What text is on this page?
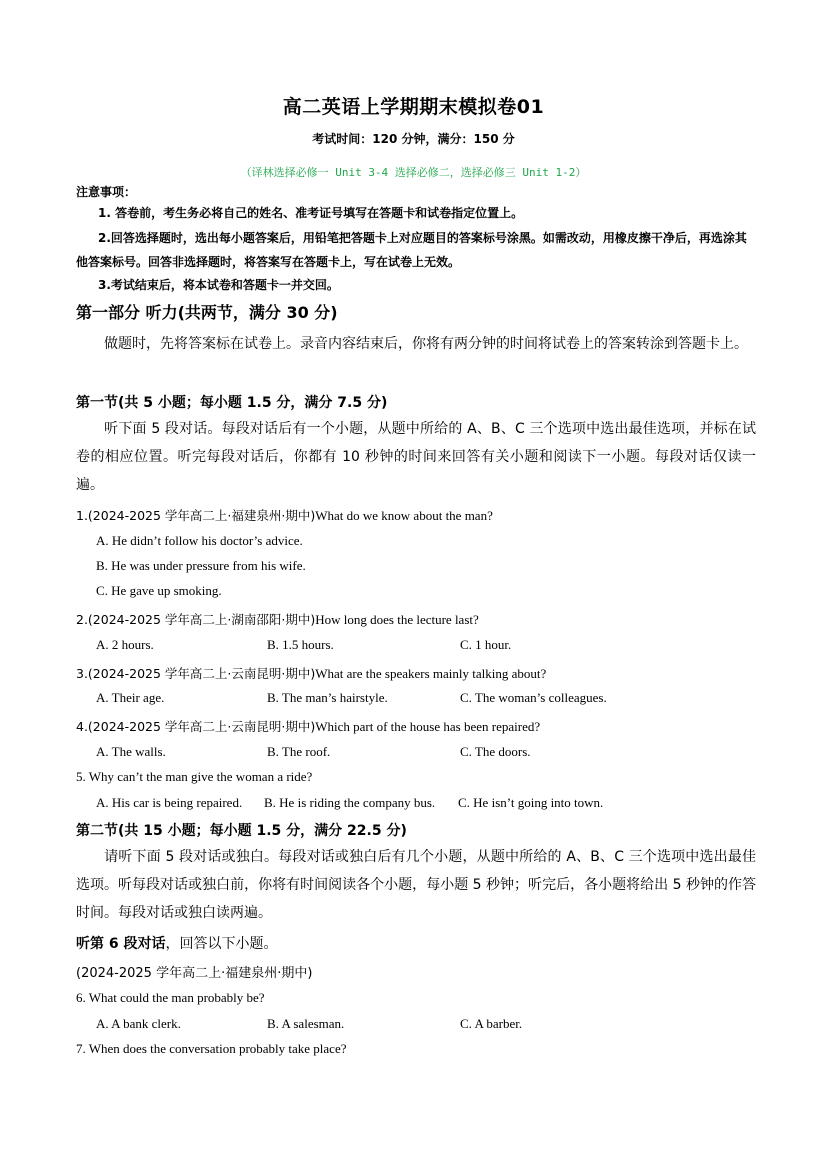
高二英语上学期期末模拟卷01
考试时间：120 分钟，满分：150 分
（译林选择必修一 Unit 3-4 选择必修二，选择必修三 Unit 1-2）
注意事项：
1. 答卷前，考生务必将自己的姓名、准考证号填写在答题卡和试卷指定位置上。
2.回答选择题时，选出每小题答案后，用铅笔把答题卡上对应题目的答案标号涂黑。如需改动，用橡皮擦干净后，再选涂其他答案标号。回答非选择题时，将答案写在答题卡上，写在试卷上无效。
3.考试结束后，将本试卷和答题卡一并交回。
第一部分 听力(共两节，满分 30 分)
做题时，先将答案标在试卷上。录音内容结束后，你将有两分钟的时间将试卷上的答案转涂到答题卡上。
第一节(共 5 小题；每小题 1.5 分，满分 7.5 分)
听下面 5 段对话。每段对话后有一个小题，从题中所给的 A、B、C 三个选项中选出最佳选项，并标在试卷的相应位置。听完每段对话后，你都有 10 秒钟的时间来回答有关小题和阅读下一小题。每段对话仅读一遍。
1.(2024-2025 学年高二上·福建泉州·期中)What do we know about the man?
A. He didn’t follow his doctor’s advice.
B. He was under pressure from his wife.
C. He gave up smoking.
2.(2024-2025 学年高二上·湖南邵阳·期中)How long does the lecture last?
A. 2 hours.	B. 1.5 hours.	C. 1 hour.
3.(2024-2025 学年高二上·云南昆明·期中)What are the speakers mainly talking about?
A. Their age.	B. The man’s hairstyle.	C. The woman’s colleagues.
4.(2024-2025 学年高二上·云南昆明·期中)Which part of the house has been repaired?
A. The walls.	B. The roof.	C. The doors.
5. Why can’t the man give the woman a ride?
A. His car is being repaired. B. He is riding the company bus. C. He isn’t going into town.
第二节(共 15 小题；每小题 1.5 分，满分 22.5 分)
请听下面 5 段对话或独白。每段对话或独白后有几个小题，从题中所给的 A、B、C 三个选项中选出最佳选项。听每段对话或独白前，你将有时间阅读各个小题，每小题 5 秒钟；听完后，各小题将给出 5 秒钟的作答时间。每段对话或独白读两遍。
听第 6 段对话，回答以下小题。
(2024-2025 学年高二上·福建泉州·期中)
6. What could the man probably be?
A. A bank clerk.	B. A salesman.	C. A barber.
7. When does the conversation probably take place?
